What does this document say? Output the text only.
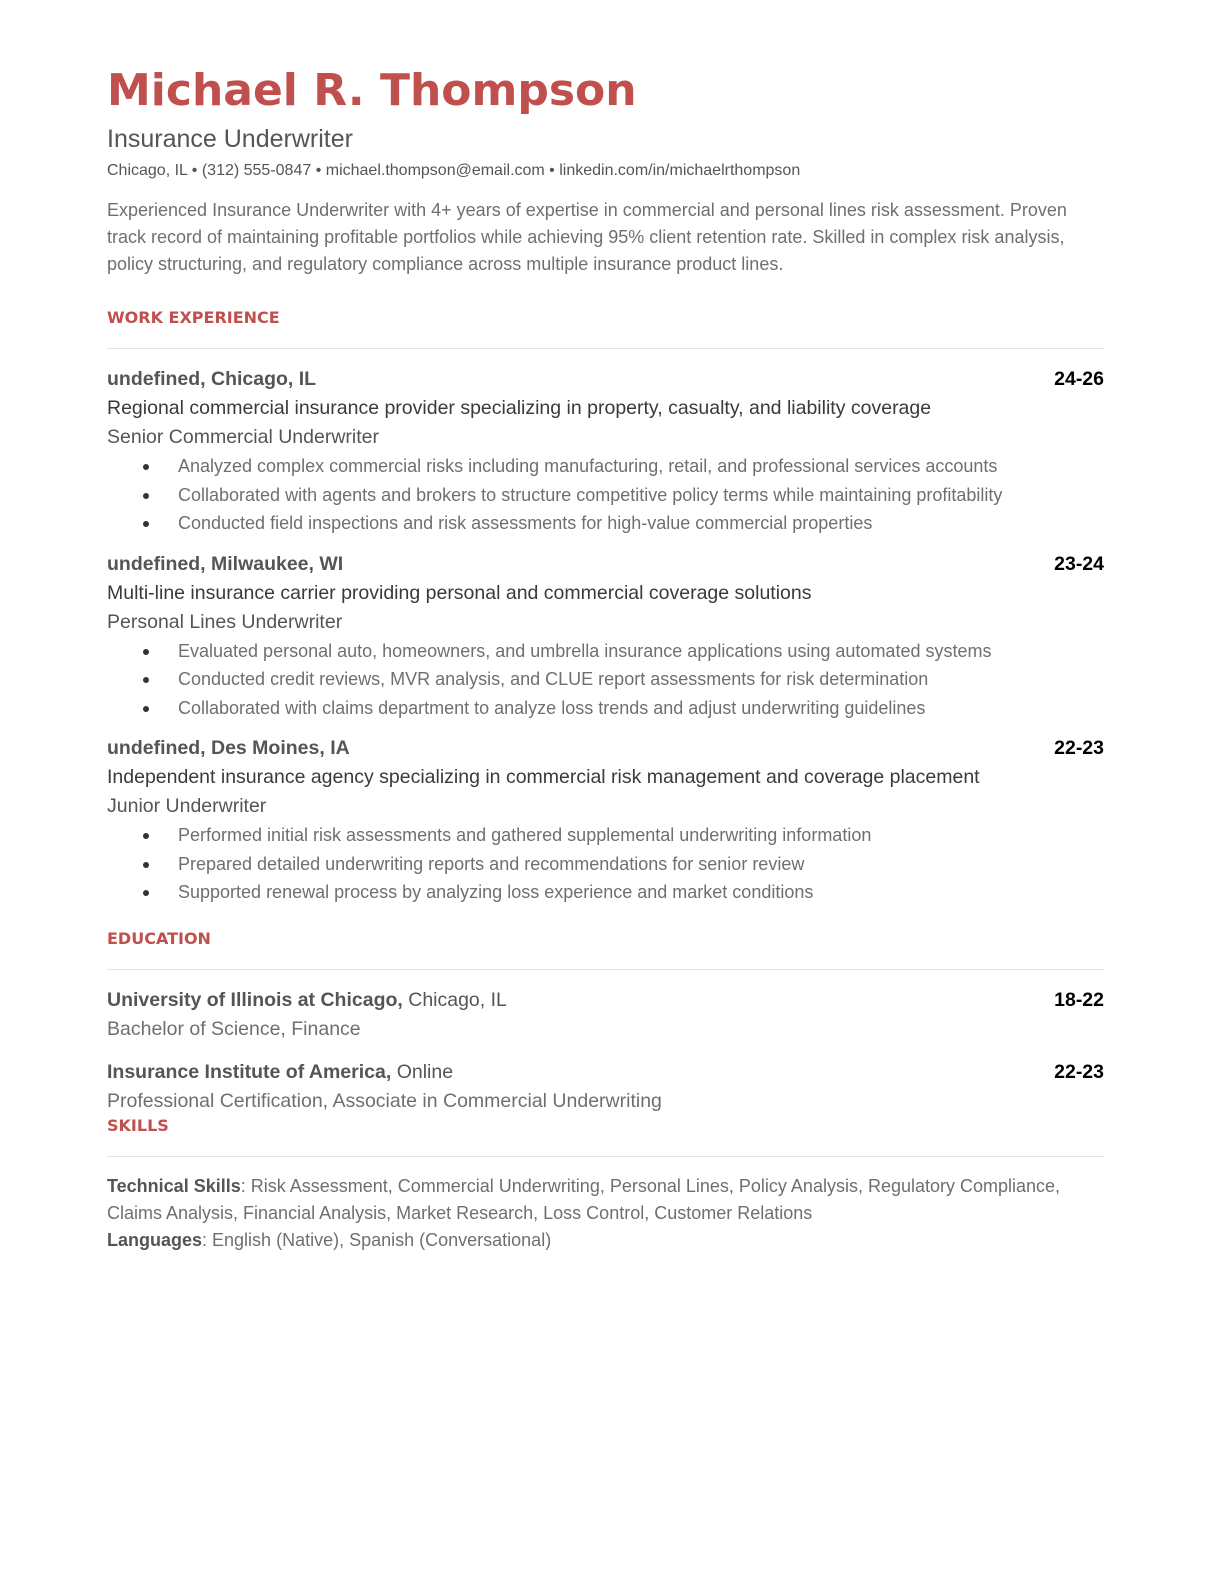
Michael R. Thompson
Insurance Underwriter
Chicago, IL • (312) 555-0847 • michael.thompson@email.com • linkedin.com/in/michaelrthompson
Experienced Insurance Underwriter with 4+ years of expertise in commercial and personal lines risk assessment. Proven track record of maintaining profitable portfolios while achieving 95% client retention rate. Skilled in complex risk analysis, policy structuring, and regulatory compliance across multiple insurance product lines.
WORK EXPERIENCE
undefined, Chicago, IL	24-26
Regional commercial insurance provider specializing in property, casualty, and liability coverage
Senior Commercial Underwriter
Analyzed complex commercial risks including manufacturing, retail, and professional services accounts
Collaborated with agents and brokers to structure competitive policy terms while maintaining profitability
Conducted field inspections and risk assessments for high-value commercial properties
undefined, Milwaukee, WI	23-24
Multi-line insurance carrier providing personal and commercial coverage solutions
Personal Lines Underwriter
Evaluated personal auto, homeowners, and umbrella insurance applications using automated systems
Conducted credit reviews, MVR analysis, and CLUE report assessments for risk determination
Collaborated with claims department to analyze loss trends and adjust underwriting guidelines
undefined, Des Moines, IA	22-23
Independent insurance agency specializing in commercial risk management and coverage placement
Junior Underwriter
Performed initial risk assessments and gathered supplemental underwriting information
Prepared detailed underwriting reports and recommendations for senior review
Supported renewal process by analyzing loss experience and market conditions
EDUCATION
University of Illinois at Chicago, Chicago, IL	18-22
Bachelor of Science, Finance
Insurance Institute of America, Online	22-23
Professional Certification, Associate in Commercial Underwriting
SKILLS

Technical Skills: Risk Assessment, Commercial Underwriting, Personal Lines, Policy Analysis, Regulatory Compliance, Claims Analysis, Financial Analysis, Market Research, Loss Control, Customer Relations

Languages: English (Native), Spanish (Conversational)
